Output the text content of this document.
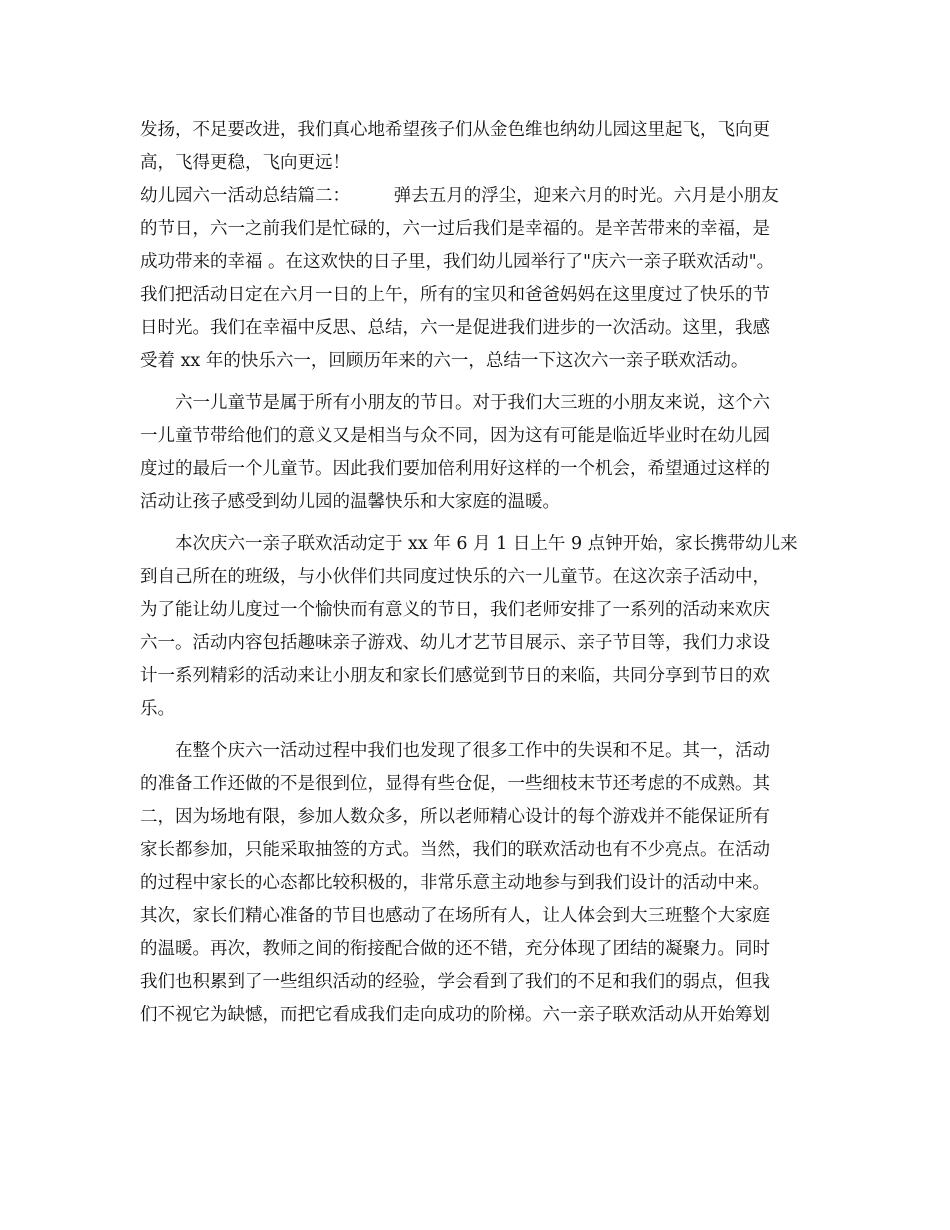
发扬，不足要改进，我们真心地希望孩子们从金色维也纳幼儿园这里起飞，飞向更
高，飞得更稳，飞向更远！
幼儿园六一活动总结篇二：　　　弹去五月的浮尘，迎来六月的时光。六月是小朋友
的节日，六一之前我们是忙碌的，六一过后我们是幸福的。是辛苦带来的幸福，是
成功带来的幸福 。在这欢快的日子里，我们幼儿园举行了"庆六一亲子联欢活动"。
我们把活动日定在六月一日的上午，所有的宝贝和爸爸妈妈在这里度过了快乐的节
日时光。我们在幸福中反思、总结，六一是促进我们进步的一次活动。这里，我感
受着 xx 年的快乐六一，回顾历年来的六一，总结一下这次六一亲子联欢活动。
六一儿童节是属于所有小朋友的节日。对于我们大三班的小朋友来说，这个六
一儿童节带给他们的意义又是相当与众不同，因为这有可能是临近毕业时在幼儿园
度过的最后一个儿童节。因此我们要加倍利用好这样的一个机会，希望通过这样的
活动让孩子感受到幼儿园的温馨快乐和大家庭的温暖。
本次庆六一亲子联欢活动定于 xx 年 6 月 1 日上午 9 点钟开始，家长携带幼儿来
到自己所在的班级，与小伙伴们共同度过快乐的六一儿童节。在这次亲子活动中，
为了能让幼儿度过一个愉快而有意义的节日，我们老师安排了一系列的活动来欢庆
六一。活动内容包括趣味亲子游戏、幼儿才艺节目展示、亲子节目等，我们力求设
计一系列精彩的活动来让小朋友和家长们感觉到节日的来临，共同分享到节日的欢
乐。
在整个庆六一活动过程中我们也发现了很多工作中的失误和不足。其一，活动
的准备工作还做的不是很到位，显得有些仓促，一些细枝末节还考虑的不成熟。其
二，因为场地有限，参加人数众多，所以老师精心设计的每个游戏并不能保证所有
家长都参加，只能采取抽签的方式。当然，我们的联欢活动也有不少亮点。在活动
的过程中家长的心态都比较积极的，非常乐意主动地参与到我们设计的活动中来。
其次，家长们精心准备的节目也感动了在场所有人，让人体会到大三班整个大家庭
的温暖。再次，教师之间的衔接配合做的还不错，充分体现了团结的凝聚力。同时
我们也积累到了一些组织活动的经验，学会看到了我们的不足和我们的弱点，但我
们不视它为缺憾，而把它看成我们走向成功的阶梯。六一亲子联欢活动从开始筹划
